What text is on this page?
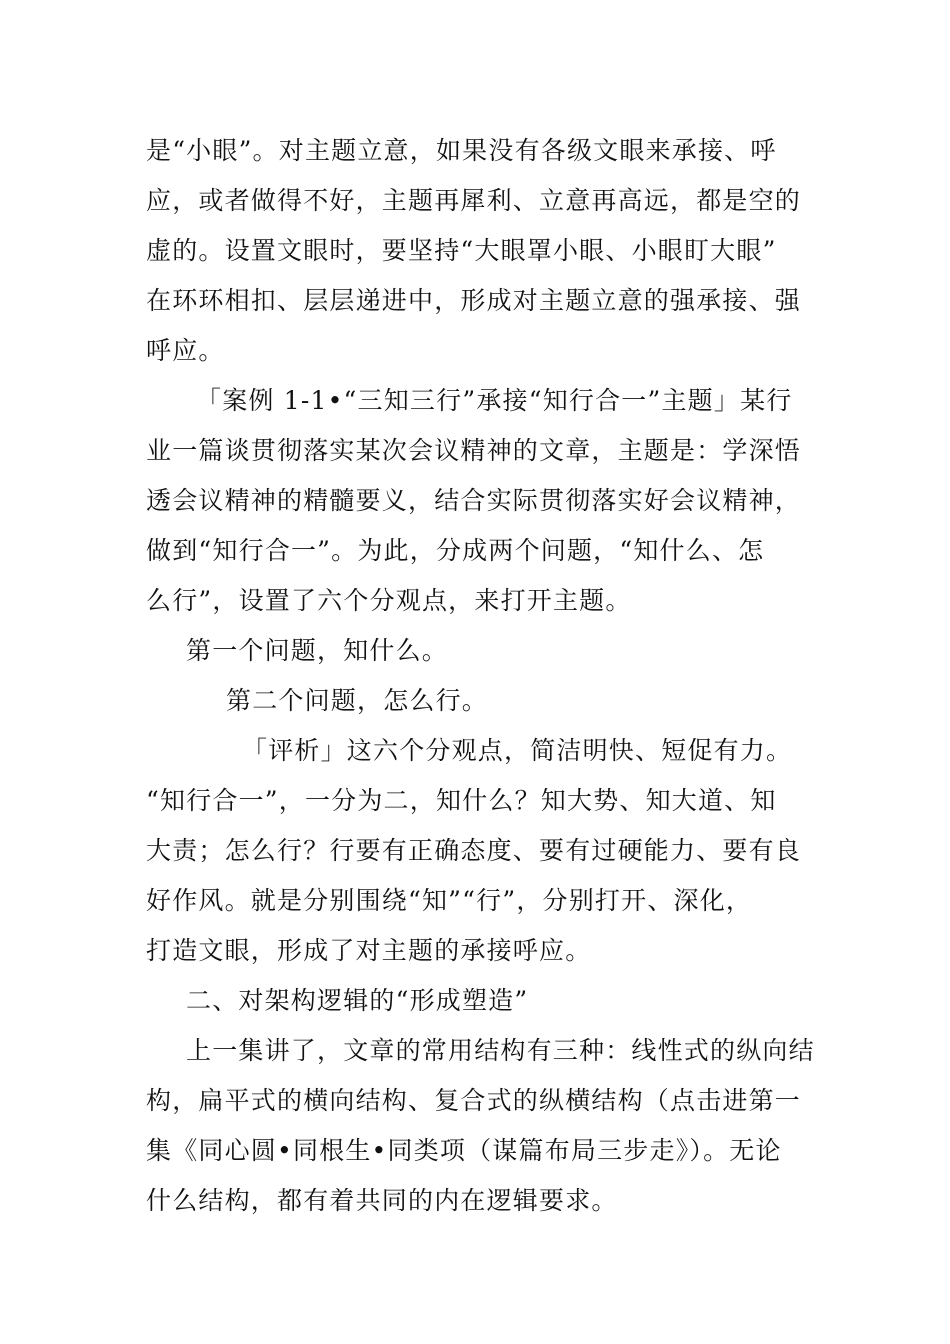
是“小眼”。对主题立意，如果没有各级文眼来承接、呼
应，或者做得不好，主题再犀利、立意再高远，都是空的
虚的。设置文眼时，要坚持“大眼罩小眼、小眼盯大眼”
在环环相扣、层层递进中，形成对主题立意的强承接、强
呼应。
「案例 1-1•“三知三行”承接“知行合一”主题」某行
业一篇谈贯彻落实某次会议精神的文章，主题是：学深悟
透会议精神的精髓要义，结合实际贯彻落实好会议精神，
做到“知行合一”。为此，分成两个问题，“知什么、怎
么行”，设置了六个分观点，来打开主题。
第一个问题，知什么。
第二个问题，怎么行。
「评析」这六个分观点，简洁明快、短促有力。
“知行合一”，一分为二，知什么？知大势、知大道、知
大责；怎么行？行要有正确态度、要有过硬能力、要有良
好作风。就是分别围绕“知”“行”，分别打开、深化，
打造文眼，形成了对主题的承接呼应。
二、对架构逻辑的“形成塑造”
上一集讲了，文章的常用结构有三种：线性式的纵向结
构，扁平式的横向结构、复合式的纵横结构（点击进第一
集《同心圆•同根生•同类项（谋篇布局三步走》）。无论
什么结构，都有着共同的内在逻辑要求。
